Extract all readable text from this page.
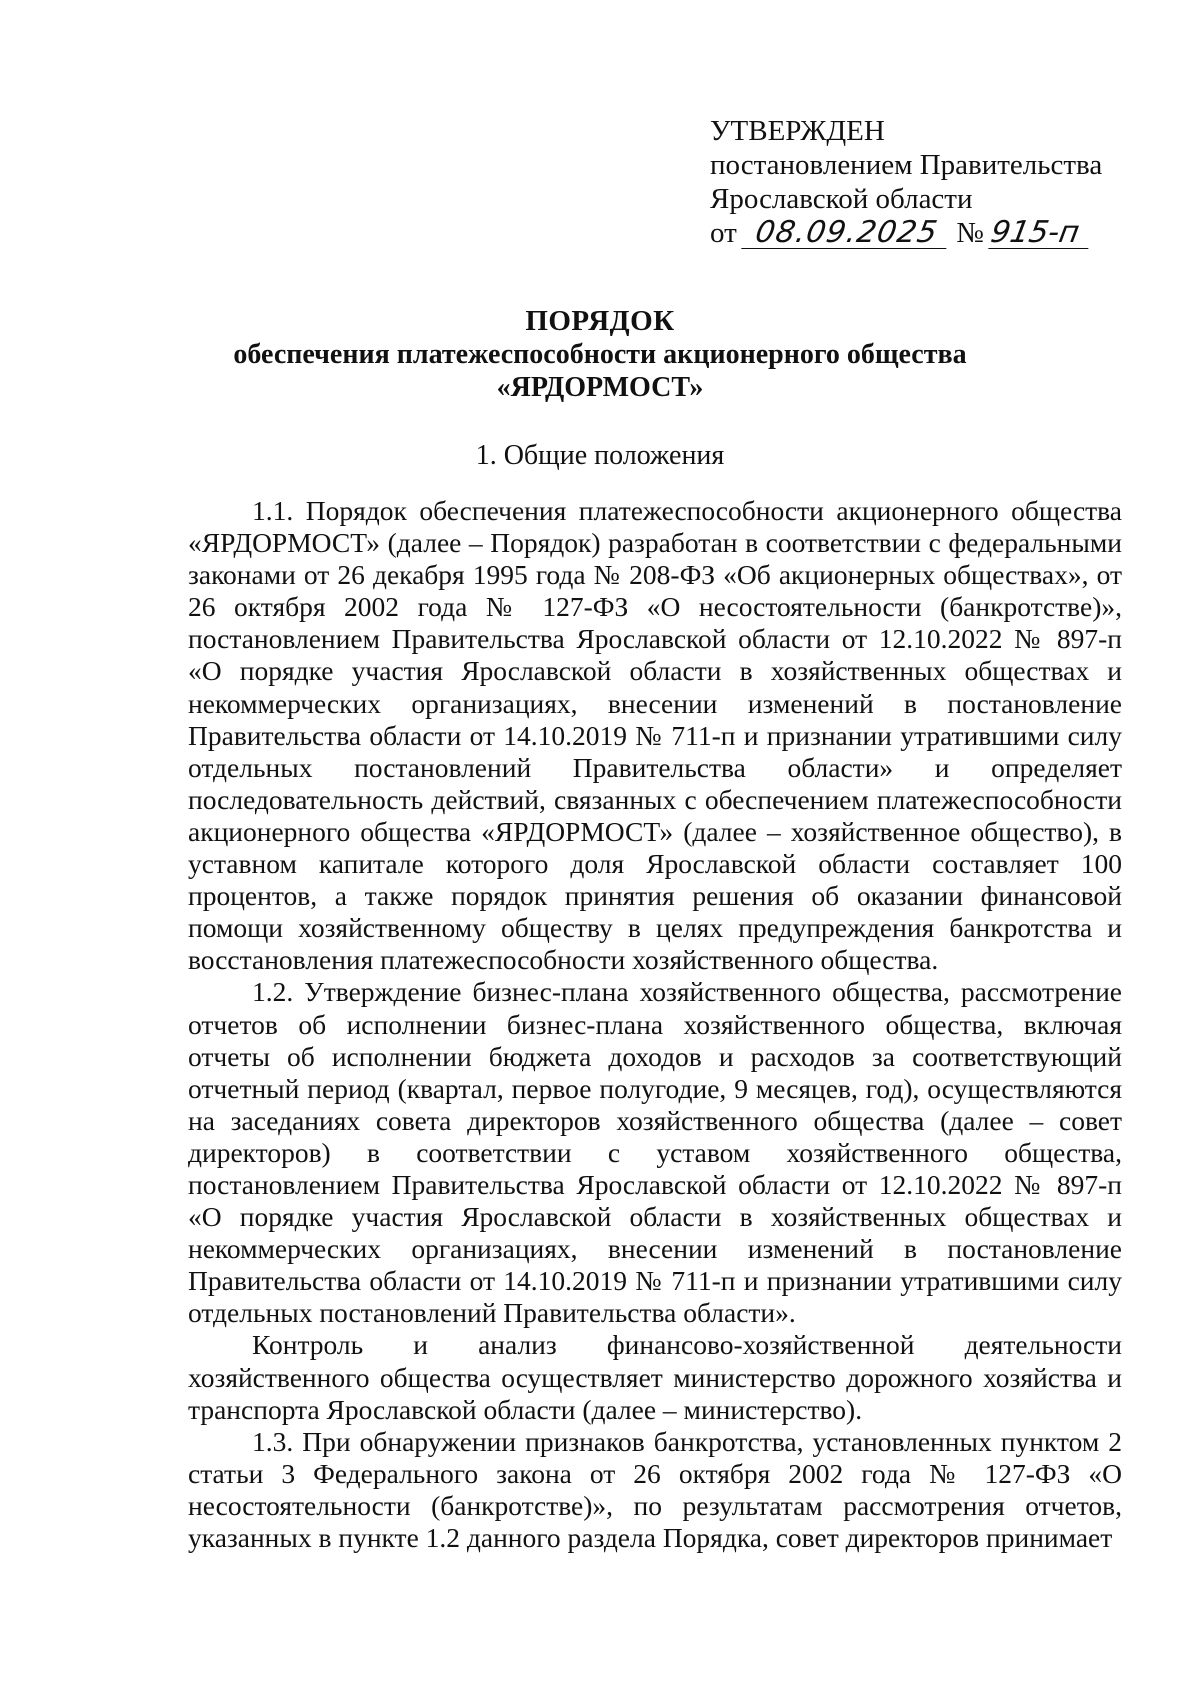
УТВЕРЖДЕН
постановлением Правительства
Ярославской области
от 08.09.2025 № 915-п
ПОРЯДОК
обеспечения платежеспособности акционерного общества
«ЯРДОРМОСТ»
1. Общие положения

1.1. Порядок обеспечения платежеспособности акционерного общества «ЯРДОРМОСТ» (далее – Порядок) разработан в соответствии с федеральными законами от 26 декабря 1995 года № 208-ФЗ «Об акционерных обществах», от 26 октября 2002 года № 127-ФЗ «О несостоятельности (банкротстве)», постановлением Правительства Ярославской области от 12.10.2022 № 897-п «О порядке участия Ярославской области в хозяйственных обществах и некоммерческих организациях, внесении изменений в постановление Правительства области от 14.10.2019 № 711-п и признании утратившими силу отдельных постановлений Правительства области» и определяет последовательность действий, связанных с обеспечением платежеспособности акционерного общества «ЯРДОРМОСТ» (далее – хозяйственное общество), в уставном капитале которого доля Ярославской области составляет 100 процентов, а также порядок принятия решения об оказании финансовой помощи хозяйственному обществу в целях предупреждения банкротства и восстановления платежеспособности хозяйственного общества.

1.2. Утверждение бизнес-плана хозяйственного общества, рассмотрение отчетов об исполнении бизнес-плана хозяйственного общества, включая отчеты об исполнении бюджета доходов и расходов за соответствующий отчетный период (квартал, первое полугодие, 9 месяцев, год), осуществляются на заседаниях совета директоров хозяйственного общества (далее – совет директоров) в соответствии с уставом хозяйственного общества, постановлением Правительства Ярославской области от 12.10.2022 № 897-п «О порядке участия Ярославской области в хозяйственных обществах и некоммерческих организациях, внесении изменений в постановление Правительства области от 14.10.2019 № 711-п и признании утратившими силу отдельных постановлений Правительства области».

Контроль и анализ финансово-хозяйственной деятельности хозяйственного общества осуществляет министерство дорожного хозяйства и транспорта Ярославской области (далее – министерство).

1.3. При обнаружении признаков банкротства, установленных пунктом 2 статьи 3 Федерального закона от 26 октября 2002 года № 127-ФЗ «О несостоятельности (банкротстве)», по результатам рассмотрения отчетов, указанных в пункте 1.2 данного раздела Порядка, совет директоров принимает
